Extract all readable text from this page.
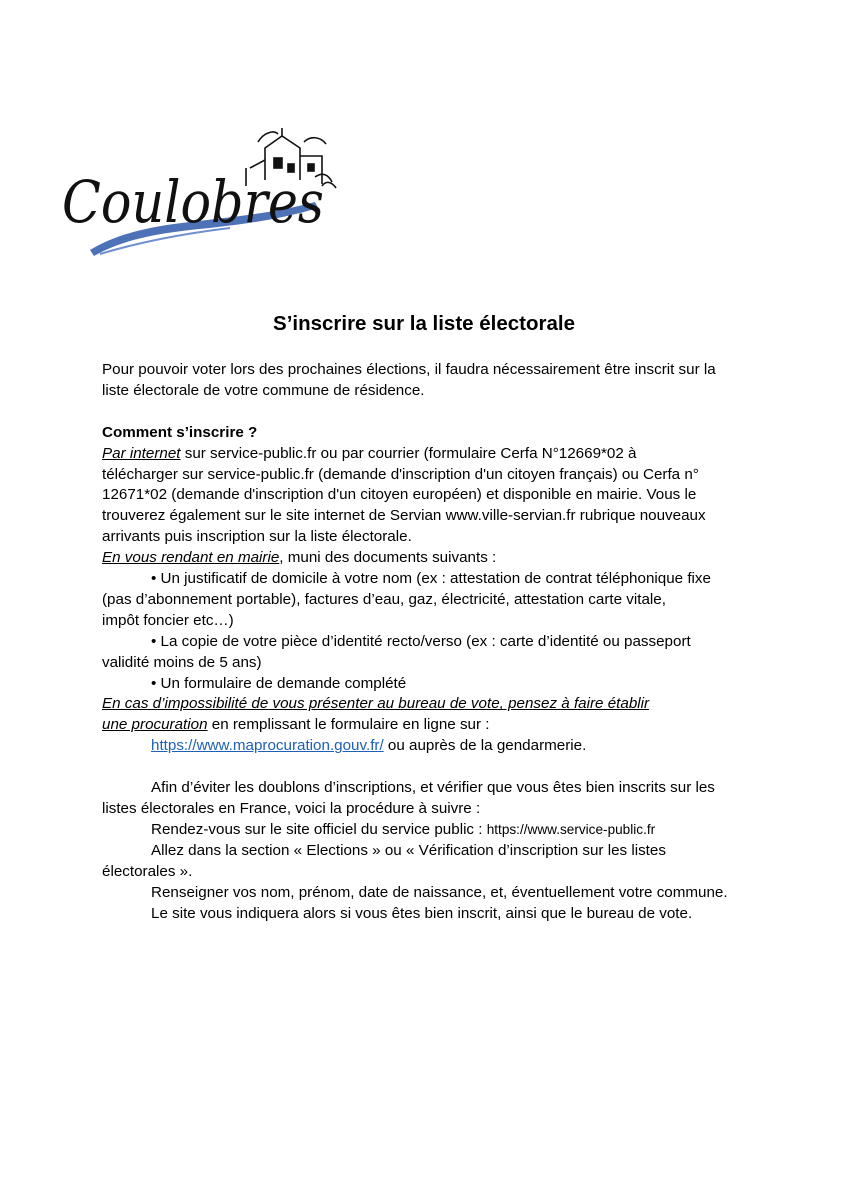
Coulobres
S’inscrire sur la liste électorale
Pour pouvoir voter lors des prochaines élections, il faudra nécessairement être inscrit sur la
liste électorale de votre commune de résidence.
Comment s’inscrire ?
Par internet sur service-public.fr ou par courrier (formulaire Cerfa N°12669*02 à
télécharger sur service-public.fr (demande d'inscription d'un citoyen français) ou Cerfa n°
12671*02 (demande d'inscription d'un citoyen européen) et disponible en mairie. Vous le
trouverez également sur le site internet de Servian www.ville-servian.fr rubrique nouveaux
arrivants puis inscription sur la liste électorale.
En vous rendant en mairie, muni des documents suivants :
• Un justificatif de domicile à votre nom (ex : attestation de contrat téléphonique fixe
(pas d’abonnement portable), factures d’eau, gaz, électricité, attestation carte vitale,
impôt foncier etc…)
• La copie de votre pièce d’identité recto/verso (ex : carte d’identité ou passeport
validité moins de 5 ans)
• Un formulaire de demande complété
En cas d’impossibilité de vous présenter au bureau de vote, pensez à faire établir
une procuration en remplissant le formulaire en ligne sur :
https://www.maprocuration.gouv.fr/ ou auprès de la gendarmerie.
Afin d’éviter les doublons d’inscriptions, et vérifier que vous êtes bien inscrits sur les
listes électorales en France, voici la procédure à suivre :
Rendez-vous sur le site officiel du service public : https://www.service-public.fr
Allez dans la section « Elections » ou « Vérification d’inscription sur les listes
électorales ».
Renseigner vos nom, prénom, date de naissance, et, éventuellement votre commune.
Le site vous indiquera alors si vous êtes bien inscrit, ainsi que le bureau de vote.
